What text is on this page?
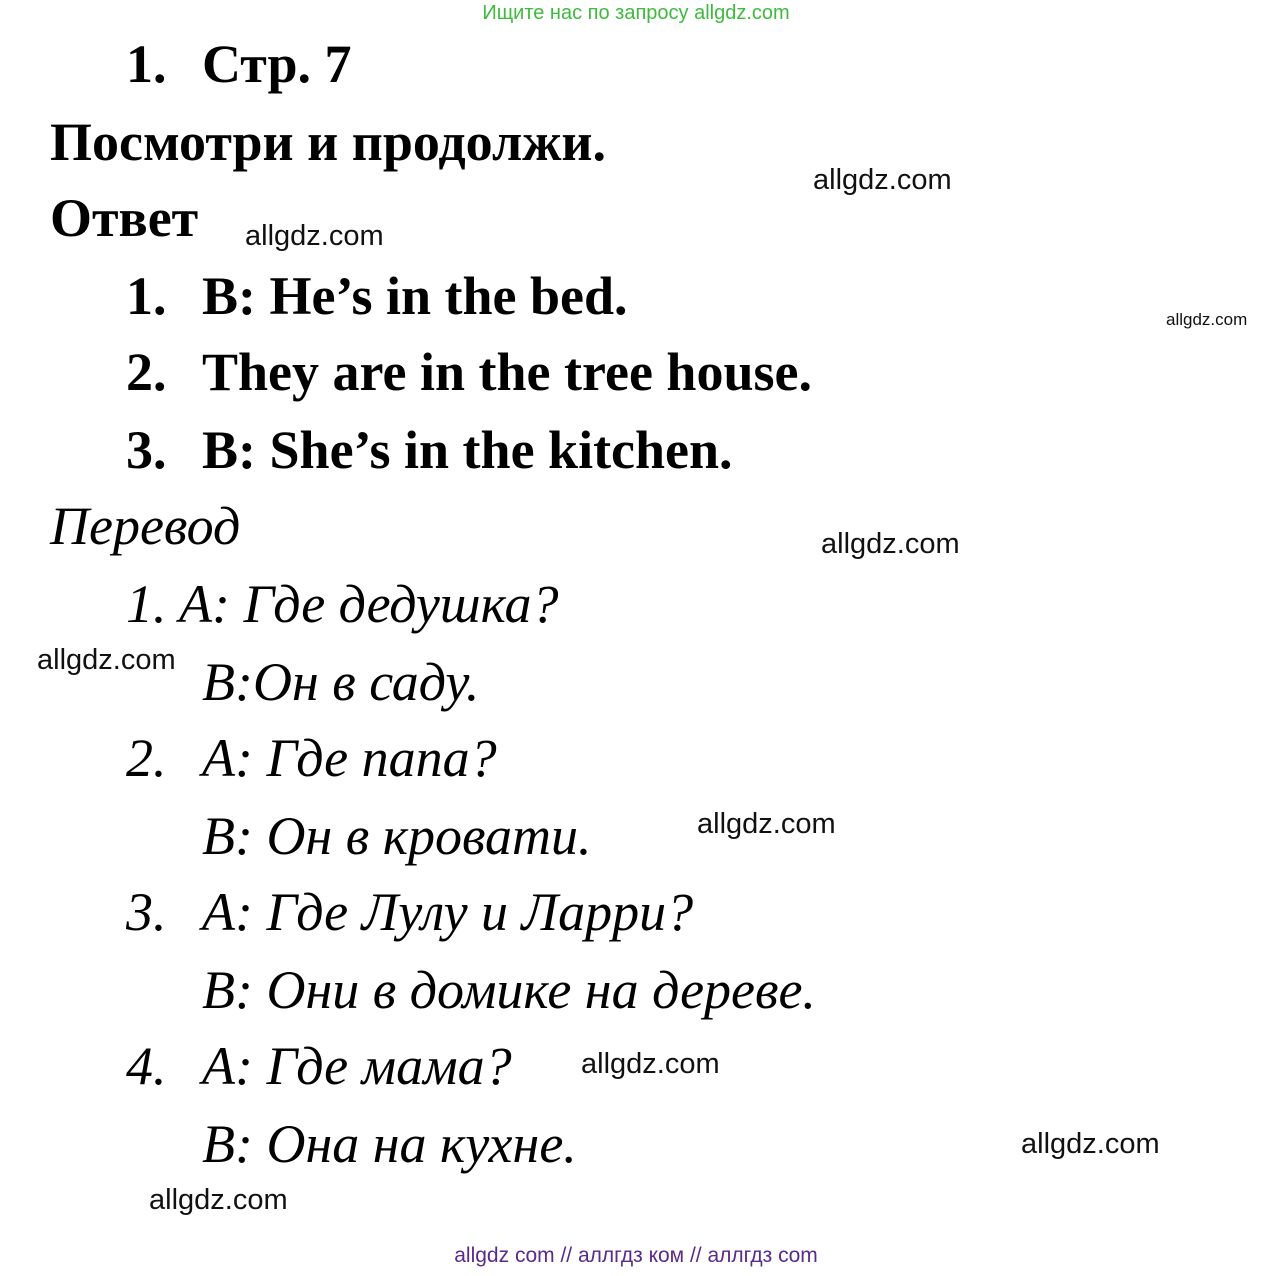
Ищите нас по запросу allgdz.com
1. Стр. 7
Посмотри и продолжи.
Ответ
1. B: He’s in the bed.
2. They are in the tree house.
3. B: She’s in the kitchen.
Перевод
1. A: Где дедушка?
B:Он в саду.
2. A: Где папа?
B: Он в кровати.
3. A: Где Лулу и Ларри?
B: Они в домике на дереве.
4. A: Где мама?
B: Она на кухне.
allgdz.com
allgdz.com
allgdz.com
allgdz.com
allgdz.com
allgdz.com
allgdz.com
allgdz.com
allgdz.com
allgdz com // аллгдз ком // аллгдз com
